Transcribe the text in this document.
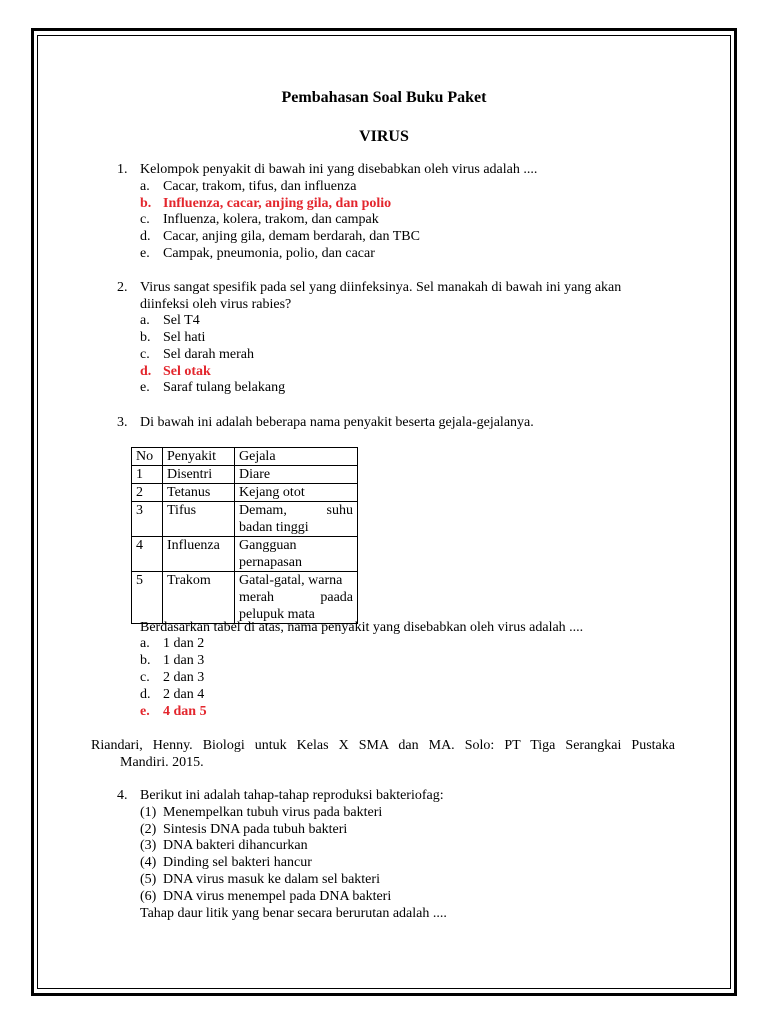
Pembahasan Soal Buku Paket
VIRUS
1. Kelompok penyakit di bawah ini yang disebabkan oleh virus adalah ....
a. Cacar, trakom, tifus, dan influenza
b. Influenza, cacar, anjing gila, dan polio
c. Influenza, kolera, trakom, dan campak
d. Cacar, anjing gila, demam berdarah, dan TBC
e. Campak, pneumonia, polio, dan cacar
2. Virus sangat spesifik pada sel yang diinfeksinya. Sel manakah di bawah ini yang akan
diinfeksi oleh virus rabies?
a. Sel T4
b. Sel hati
c. Sel darah merah
d. Sel otak
e. Saraf tulang belakang
3. Di bawah ini adalah beberapa nama penyakit beserta gejala-gejalanya.
No	Penyakit	Gejala
1	Disentri	Diare

2	Tetanus	Kejang otot

3	Tifus	Demam, suhu
badan tinggi

4	Influenza	Gangguan
pernapasan

5	Trakom	Gatal-gatal, warna
merah paada
pelupuk mata
Berdasarkan tabel di atas, nama penyakit yang disebabkan oleh virus adalah ....
a. 1 dan 2
b. 1 dan 3
c. 2 dan 3
d. 2 dan 4
e. 4 dan 5
Riandari, Henny. Biologi untuk Kelas X SMA dan MA. Solo: PT Tiga Serangkai Pustaka
Mandiri. 2015.
4. Berikut ini adalah tahap-tahap reproduksi bakteriofag:
(1) Menempelkan tubuh virus pada bakteri
(2) Sintesis DNA pada tubuh bakteri
(3) DNA bakteri dihancurkan
(4) Dinding sel bakteri hancur
(5) DNA virus masuk ke dalam sel bakteri
(6) DNA virus menempel pada DNA bakteri
Tahap daur litik yang benar secara berurutan adalah ....
